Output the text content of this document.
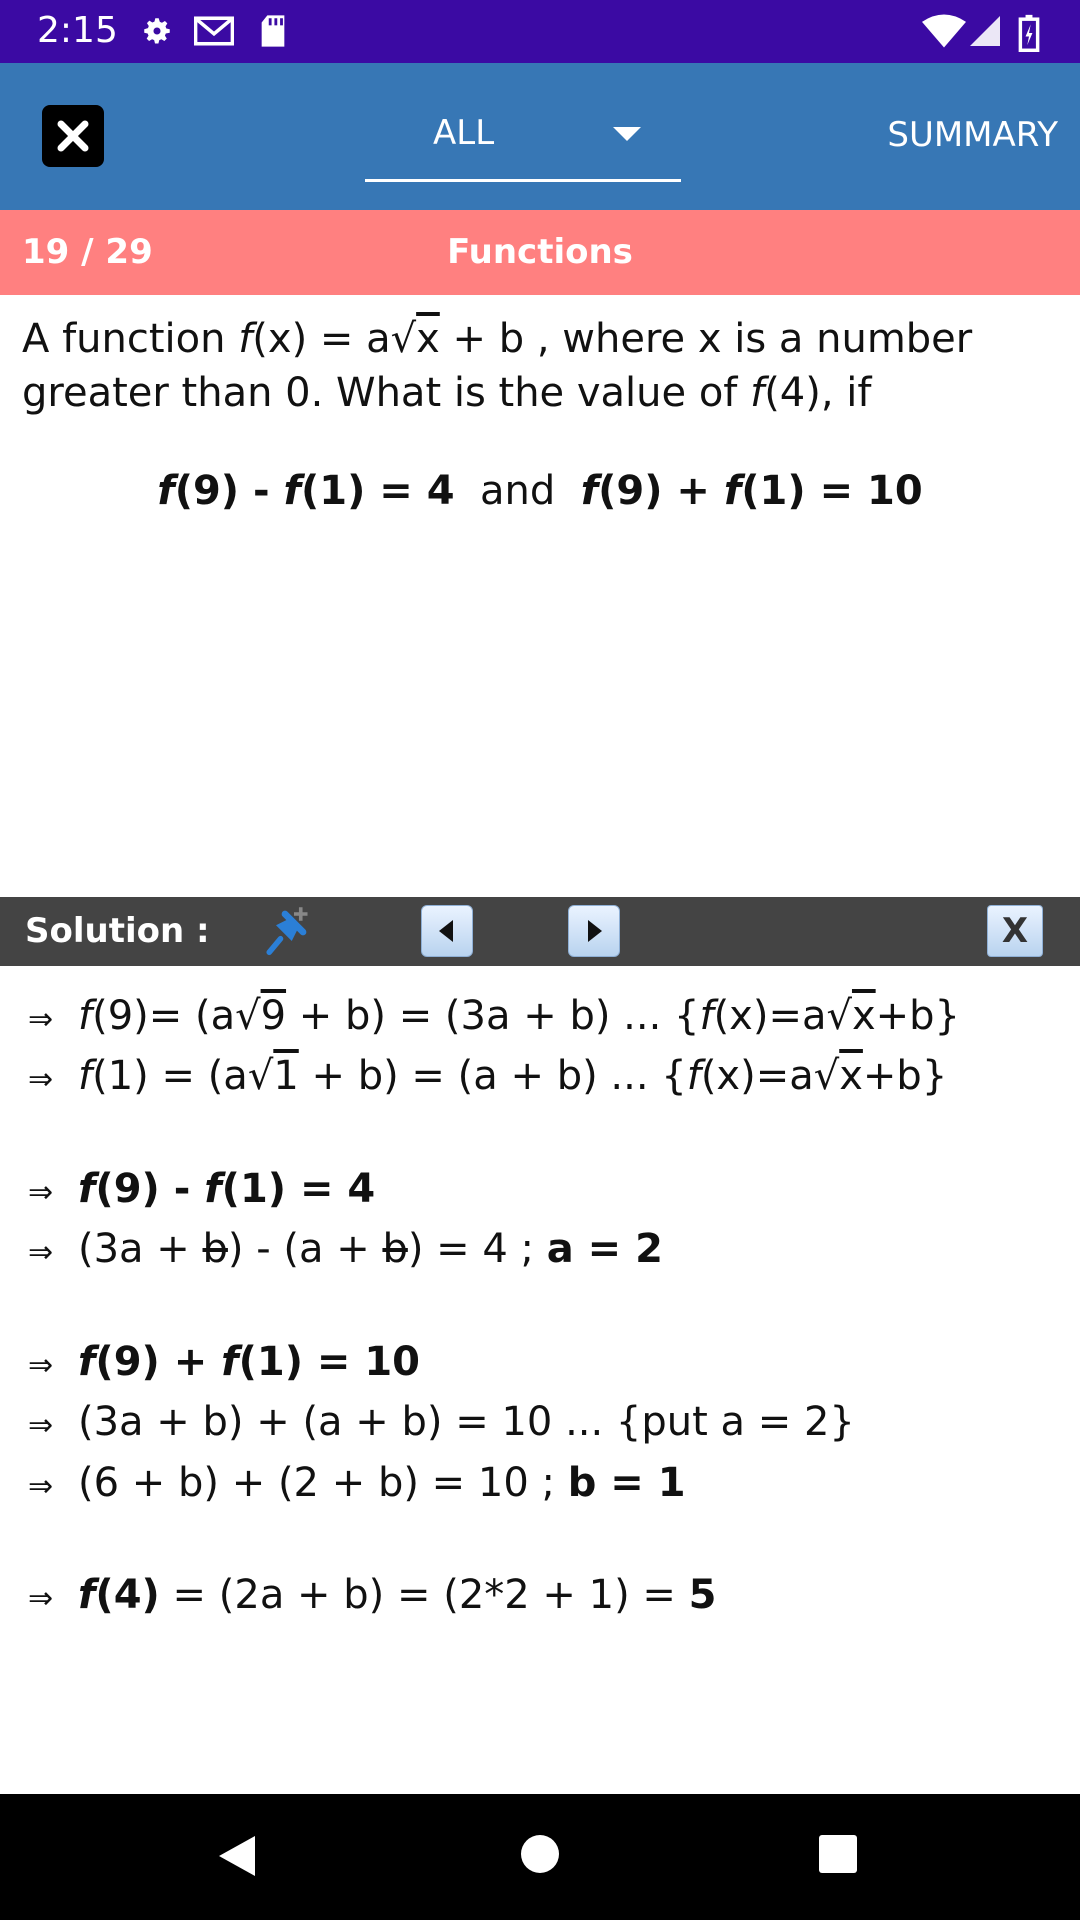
2:15
ALL	SUMMARY
19 / 29	Functions
A function f(x) = a√x + b , where x is a number greater than 0. What is the value of f(4), if
f(9) - f(1) = 4 and f(9) + f(1) = 10
Solution :	X
⇒ f(9)= (a√9 + b) = (3a + b) ... {f(x)=a√x+b}
⇒ f(1) = (a√1 + b) = (a + b) ... {f(x)=a√x+b}
⇒ f(9) - f(1) = 4
⇒ (3a + b) - (a + b) = 4 ; a = 2
⇒ f(9) + f(1) = 10
⇒ (3a + b) + (a + b) = 10 ... {put a = 2}
⇒ (6 + b) + (2 + b) = 10 ; b = 1
⇒ f(4) = (2a + b) = (2*2 + 1) = 5
